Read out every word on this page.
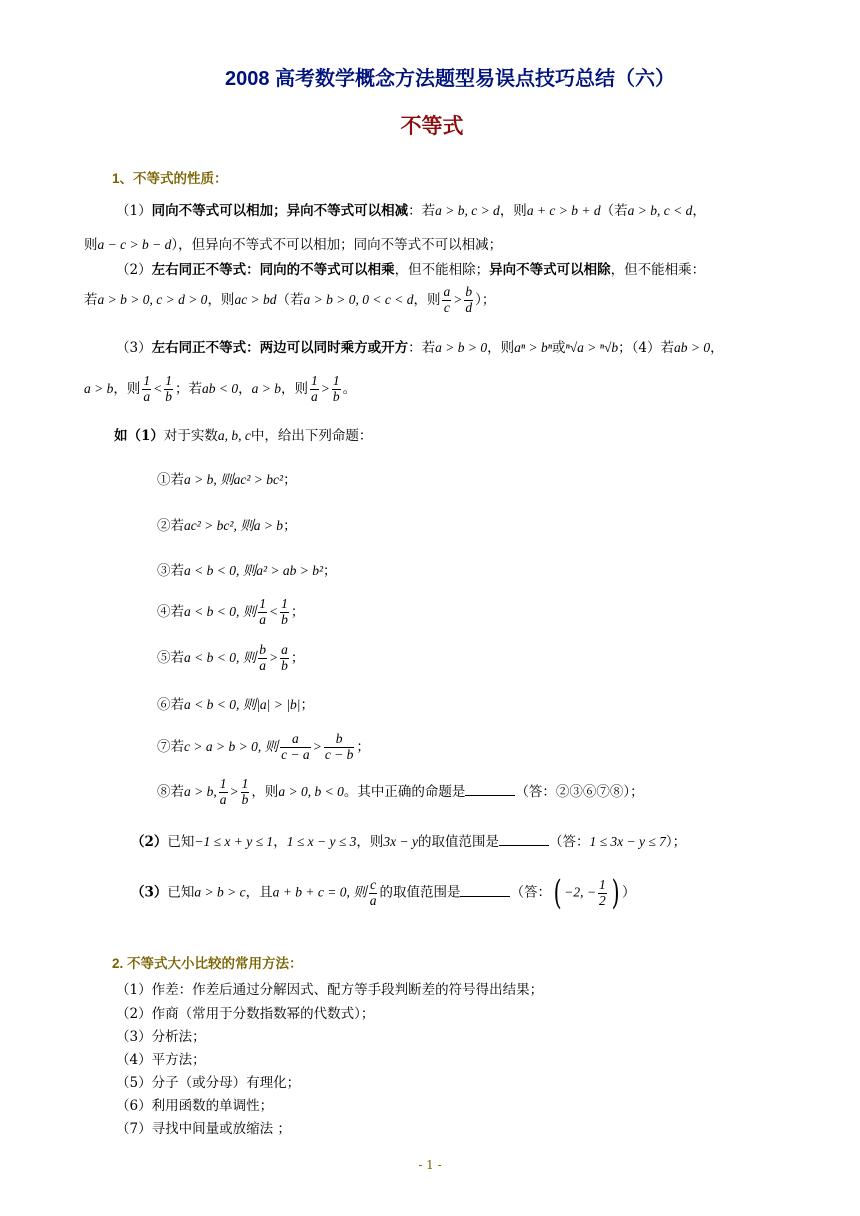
2008 高考数学概念方法题型易误点技巧总结（六）
不等式
1、不等式的性质：
（1）同向不等式可以相加；异向不等式可以相减：若a > b, c > d，则a + c > b + d（若a > b, c < d，
则a − c > b − d），但异向不等式不可以相加；同向不等式不可以相减；
（2）左右同正不等式：同向的不等式可以相乘，但不能相除；异向不等式可以相除，但不能相乘：
若a > b > 0, c > d > 0，则ac > bd（若a > b > 0, 0 < c < d，则 $\frac{a}{c} > \frac{b}{d}$ ）；
（3）左右同正不等式：两边可以同时乘方或开方：若a > b > 0，则aⁿ > bⁿ或ⁿ√a > ⁿ√b；（4）若ab > 0，
a > b，则 $\frac{1}{a} < \frac{1}{b}$ ；若ab < 0，a > b，则 $\frac{1}{a} > \frac{1}{b}$ 。
如（1）对于实数a, b, c中，给出下列命题：
①若a > b, 则ac² > bc²；
②若ac² > bc², 则a > b；
③若a < b < 0, 则a² > ab > b²；
④若a < b < 0, 则 $\frac{1}{a} < \frac{1}{b}$ ；
⑤若a < b < 0, 则 $\frac{b}{a} > \frac{a}{b}$ ；
⑥若a < b < 0, 则|a| > |b|；
⑦若c > a > b > 0, 则 $\frac{a}{c - a} > \frac{b}{c - b}$ ；
⑧若a > b, $\frac{1}{a} > \frac{1}{b}$ ，则a > 0, b < 0。其中正确的命题是	（答：②③⑥⑦⑧）；
（2）已知−1 ≤ x + y ≤ 1，1 ≤ x − y ≤ 3，则3x − y的取值范围是	（答：1 ≤ 3x − y ≤ 7）；
（3）已知a > b > c，且a + b + c = 0, 则 $\frac{c}{a}$ 的取值范围是	（答：( −2, − $\frac{1}{2}$ ) ）
2. 不等式大小比较的常用方法：
（1）作差：作差后通过分解因式、配方等手段判断差的符号得出结果；
（2）作商（常用于分数指数幂的代数式）；
（3）分析法；
（4）平方法；
（5）分子（或分母）有理化；
（6）利用函数的单调性；
（7）寻找中间量或放缩法 ；
- 1 -
